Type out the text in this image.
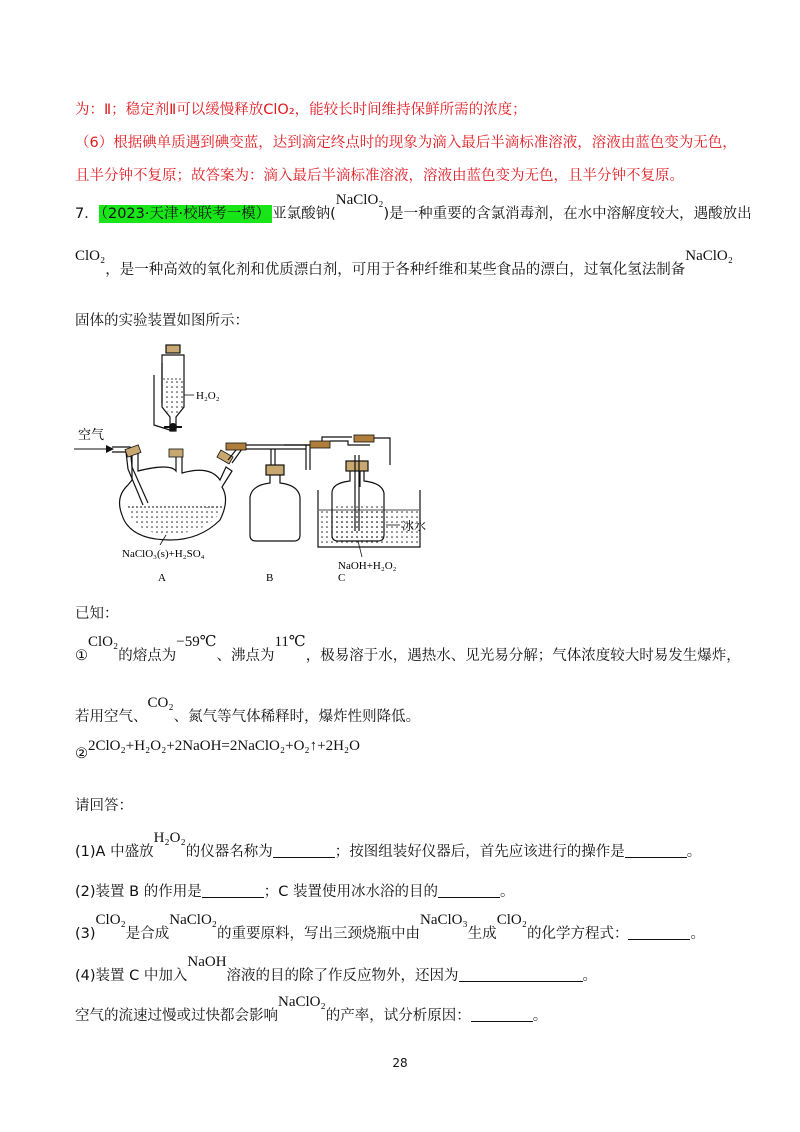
为：Ⅱ；稳定剂Ⅱ可以缓慢释放ClO₂，能较长时间维持保鲜所需的浓度；
（6）根据碘单质遇到碘变蓝，达到滴定终点时的现象为滴入最后半滴标准溶液，溶液由蓝色变为无色，
且半分钟不复原；故答案为：滴入最后半滴标准溶液，溶液由蓝色变为无色，且半分钟不复原。
7． （2023·天津·校联考一模） 亚氯酸钠(NaClO₂)是一种重要的含氯消毒剂，在水中溶解度较大，遇酸放出
ClO₂，是一种高效的氧化剂和优质漂白剂，可用于各种纤维和某些食品的漂白，过氧化氢法制备NaClO₂
固体的实验装置如图所示：
空气
H₂O₂
冰水
NaOH+H₂O₂
NaClO₃(s)+H₂SO₄
A	B	C
已知：
①ClO₂的熔点为−59℃、沸点为11℃，极易溶于水，遇热水、见光易分解；气体浓度较大时易发生爆炸，
若用空气、CO₂、氮气等气体稀释时，爆炸性则降低。
②2ClO₂+H₂O₂+2NaOH=2NaClO₂+O₂↑+2H₂O
请回答：
(1)A 中盛放H₂O₂的仪器名称为	；按图组装好仪器后，首先应该进行的操作是	。
(2)装置 B 的作用是	；C 装置使用冰水浴的目的	。
(3)ClO₂是合成NaClO₂的重要原料，写出三颈烧瓶中由NaClO₃生成ClO₂的化学方程式：	。
(4)装置 C 中加入NaOH溶液的目的除了作反应物外，还因为	。
空气的流速过慢或过快都会影响NaClO₂的产率，试分析原因：	。
28
